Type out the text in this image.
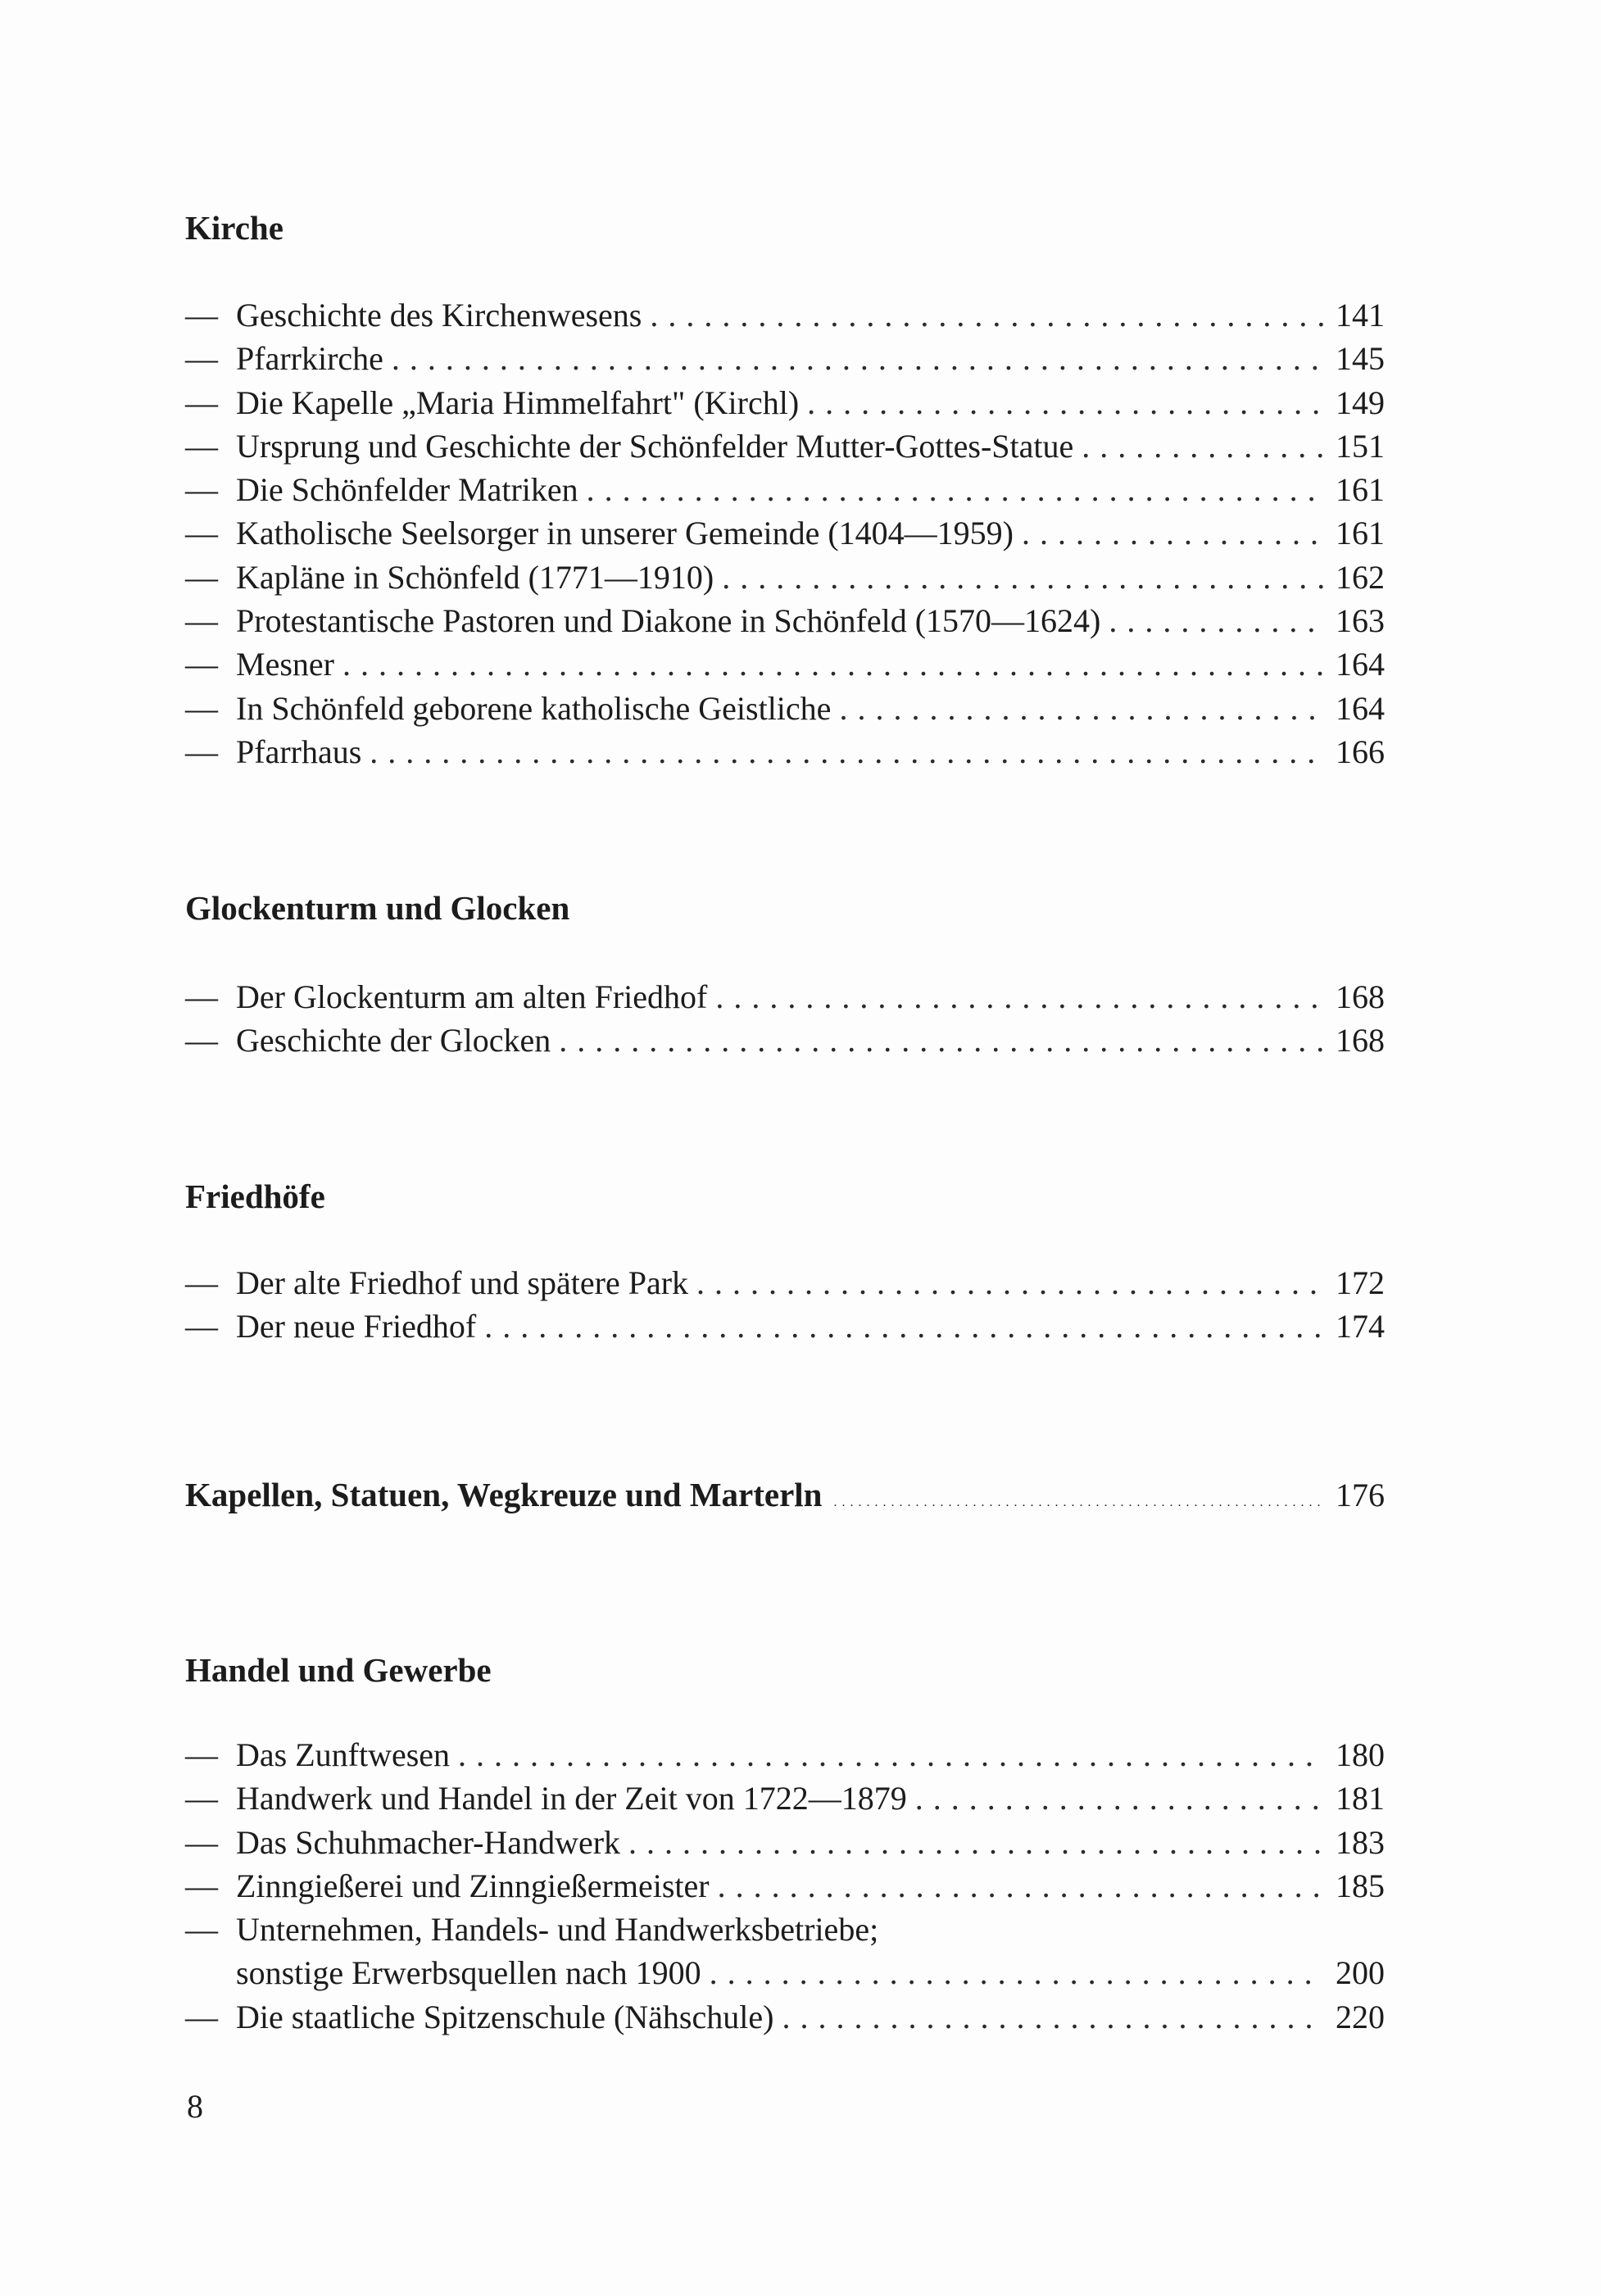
Kirche
— Geschichte des Kirchenwesens . . .	141
— Pfarrkirche . . .	145
— Die Kapelle „Maria Himmelfahrt" (Kirchl) . . .	149
— Ursprung und Geschichte der Schönfelder Mutter-Gottes-Statue . . .	151
— Die Schönfelder Matriken . . .	161
— Katholische Seelsorger in unserer Gemeinde (1404—1959) . . .	161
— Kapläne in Schönfeld (1771—1910) . . .	162
— Protestantische Pastoren und Diakone in Schönfeld (1570—1624) . . .	163
— Mesner . . .	164
— In Schönfeld geborene katholische Geistliche . . .	164
— Pfarrhaus . . .	166
Glockenturm und Glocken
— Der Glockenturm am alten Friedhof . . .	168
— Geschichte der Glocken . . .	168
Friedhöfe
— Der alte Friedhof und spätere Park . . .	172
— Der neue Friedhof . . .	174
Kapellen, Statuen, Wegkreuze und Marterln . . .	176
Handel und Gewerbe
— Das Zunftwesen . . .	180
— Handwerk und Handel in der Zeit von 1722—1879 . . .	181
— Das Schuhmacher-Handwerk . . .	183
— Zinngießerei und Zinngießermeister . . .	185
— Unternehmen, Handels- und Handwerksbetriebe;
sonstige Erwerbsquellen nach 1900 . . .	200
— Die staatliche Spitzenschule (Nähschule) . . .	220
8
